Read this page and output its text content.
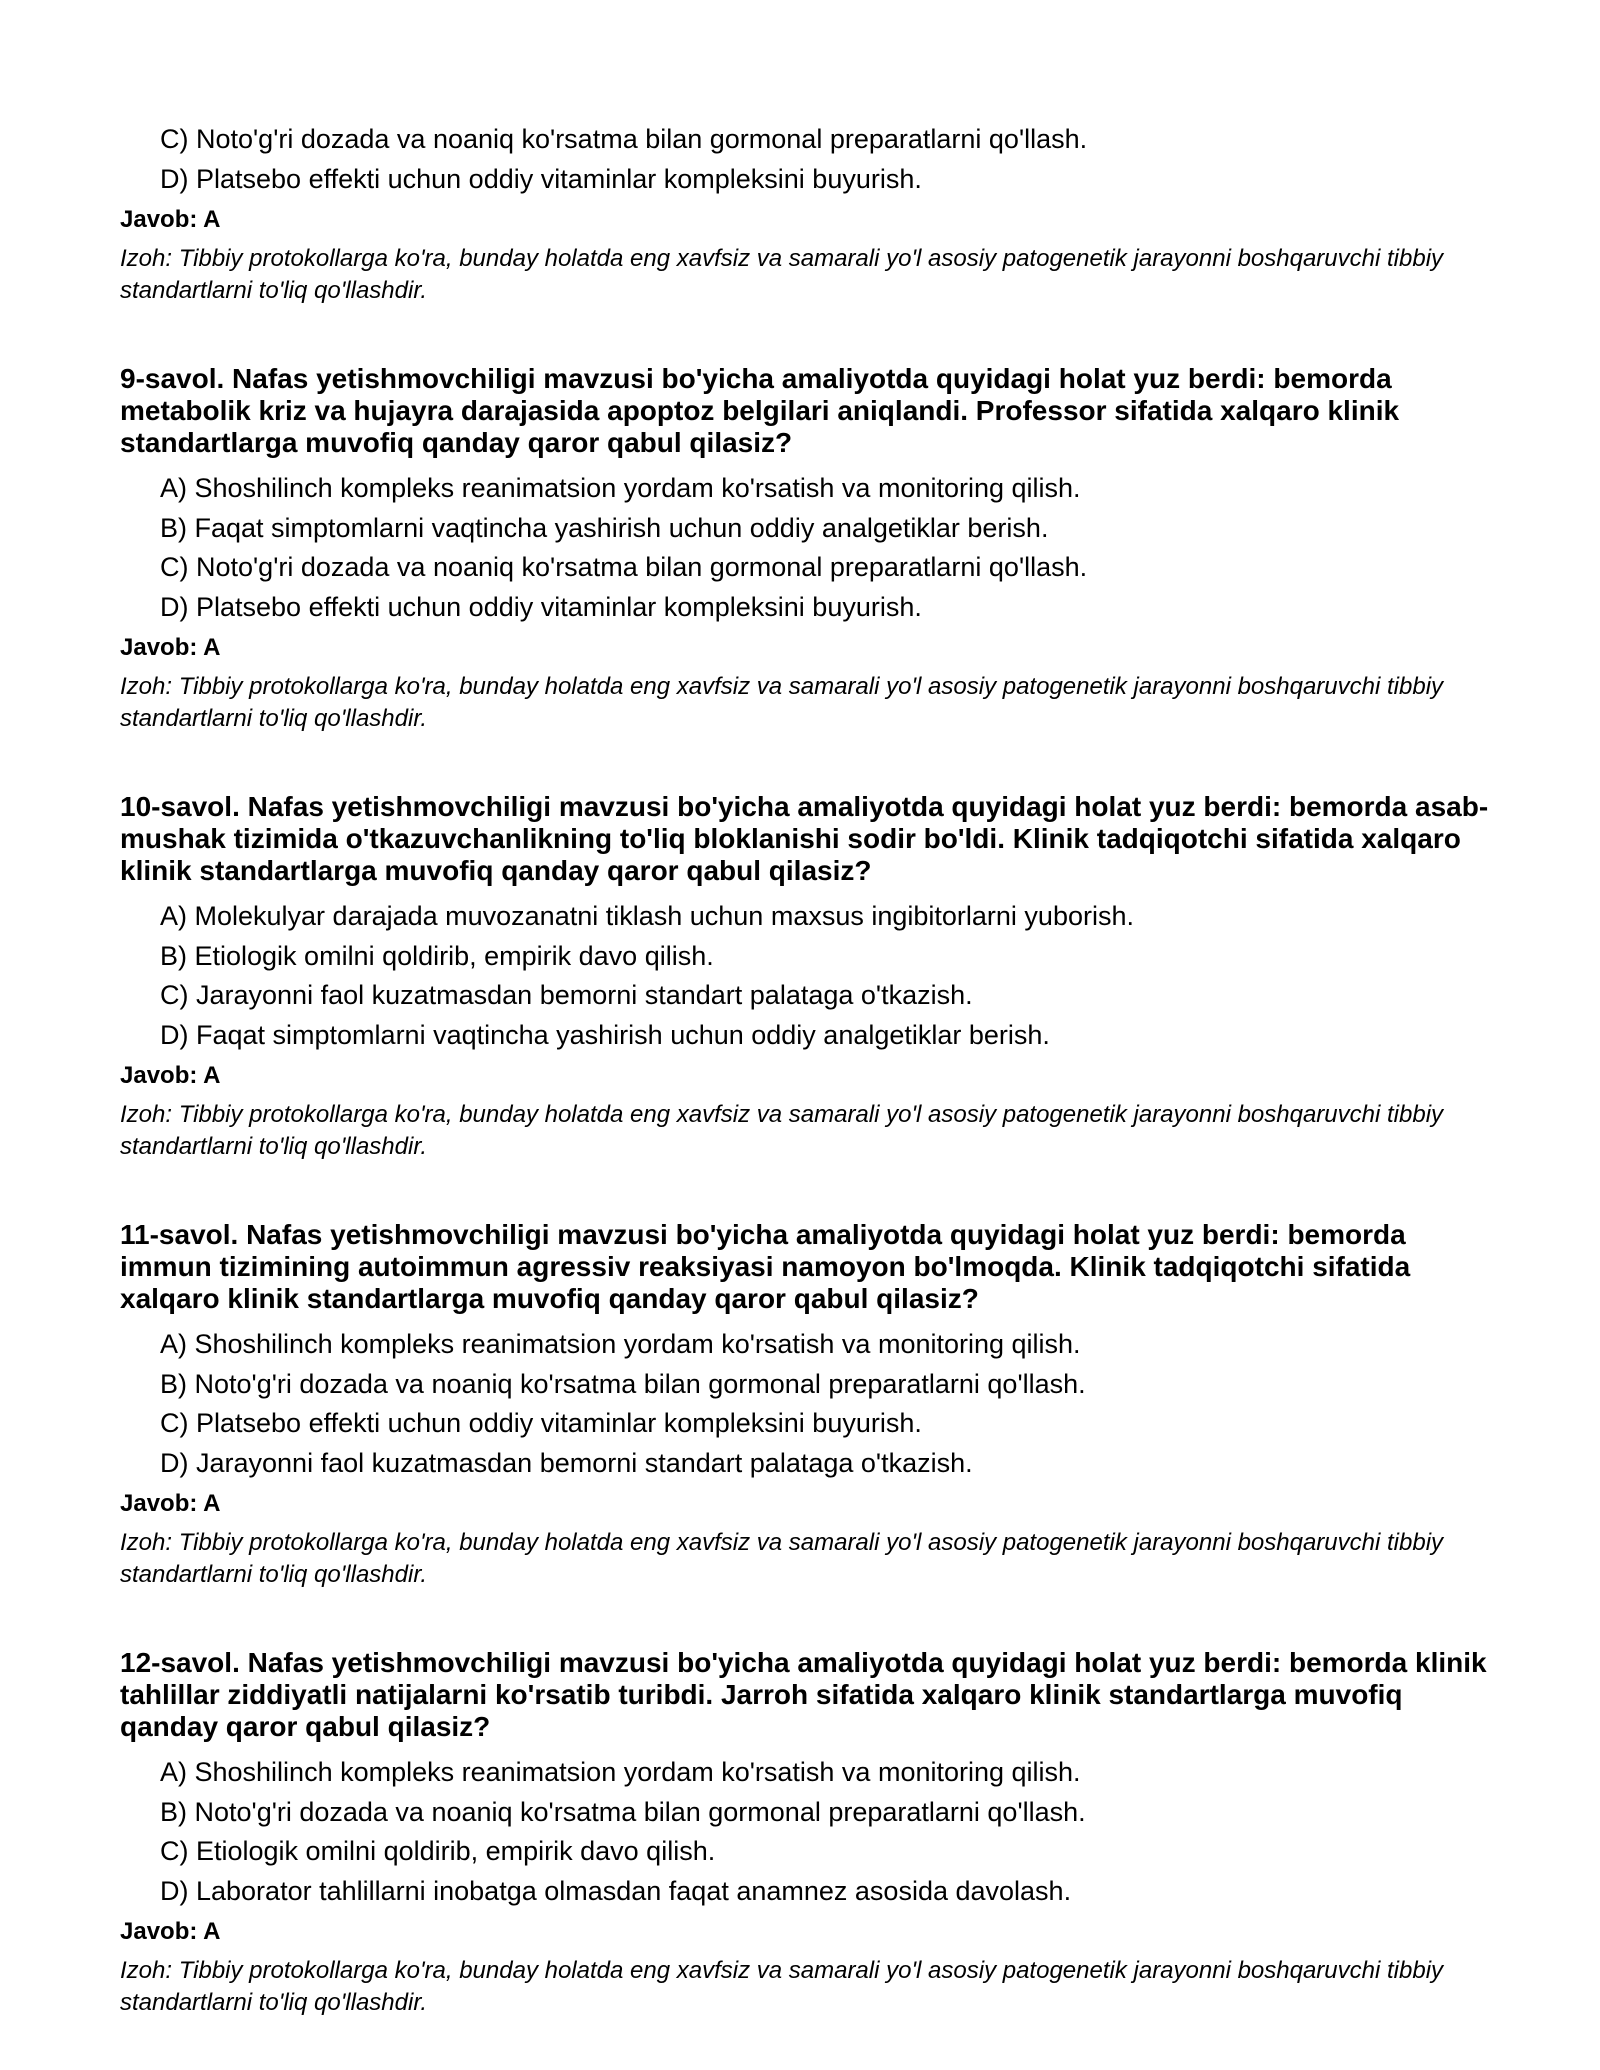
C) Noto'g'ri dozada va noaniq ko'rsatma bilan gormonal preparatlarni qo'llash.
D) Platsebo effekti uchun oddiy vitaminlar kompleksini buyurish.

Javob: A

Izoh: Tibbiy protokollarga ko'ra, bunday holatda eng xavfsiz va samarali yo'l asosiy patogenetik jarayonni boshqaruvchi tibbiy standartlarni to'liq qo'llashdir.

9-savol. Nafas yetishmovchiligi mavzusi bo'yicha amaliyotda quyidagi holat yuz berdi: bemorda metabolik kriz va hujayra darajasida apoptoz belgilari aniqlandi. Professor sifatida xalqaro klinik standartlarga muvofiq qanday qaror qabul qilasiz?

A) Shoshilinch kompleks reanimatsion yordam ko'rsatish va monitoring qilish.
B) Faqat simptomlarni vaqtincha yashirish uchun oddiy analgetiklar berish.
C) Noto'g'ri dozada va noaniq ko'rsatma bilan gormonal preparatlarni qo'llash.
D) Platsebo effekti uchun oddiy vitaminlar kompleksini buyurish.

Javob: A

Izoh: Tibbiy protokollarga ko'ra, bunday holatda eng xavfsiz va samarali yo'l asosiy patogenetik jarayonni boshqaruvchi tibbiy standartlarni to'liq qo'llashdir.

10-savol. Nafas yetishmovchiligi mavzusi bo'yicha amaliyotda quyidagi holat yuz berdi: bemorda asab-mushak tizimida o'tkazuvchanlikning to'liq bloklanishi sodir bo'ldi. Klinik tadqiqotchi sifatida xalqaro klinik standartlarga muvofiq qanday qaror qabul qilasiz?

A) Molekulyar darajada muvozanatni tiklash uchun maxsus ingibitorlarni yuborish.
B) Etiologik omilni qoldirib, empirik davo qilish.
C) Jarayonni faol kuzatmasdan bemorni standart palataga o'tkazish.
D) Faqat simptomlarni vaqtincha yashirish uchun oddiy analgetiklar berish.

Javob: A

Izoh: Tibbiy protokollarga ko'ra, bunday holatda eng xavfsiz va samarali yo'l asosiy patogenetik jarayonni boshqaruvchi tibbiy standartlarni to'liq qo'llashdir.

11-savol. Nafas yetishmovchiligi mavzusi bo'yicha amaliyotda quyidagi holat yuz berdi: bemorda immun tizimining autoimmun agressiv reaksiyasi namoyon bo'lmoqda. Klinik tadqiqotchi sifatida xalqaro klinik standartlarga muvofiq qanday qaror qabul qilasiz?

A) Shoshilinch kompleks reanimatsion yordam ko'rsatish va monitoring qilish.
B) Noto'g'ri dozada va noaniq ko'rsatma bilan gormonal preparatlarni qo'llash.
C) Platsebo effekti uchun oddiy vitaminlar kompleksini buyurish.
D) Jarayonni faol kuzatmasdan bemorni standart palataga o'tkazish.

Javob: A

Izoh: Tibbiy protokollarga ko'ra, bunday holatda eng xavfsiz va samarali yo'l asosiy patogenetik jarayonni boshqaruvchi tibbiy standartlarni to'liq qo'llashdir.

12-savol. Nafas yetishmovchiligi mavzusi bo'yicha amaliyotda quyidagi holat yuz berdi: bemorda klinik tahlillar ziddiyatli natijalarni ko'rsatib turibdi. Jarroh sifatida xalqaro klinik standartlarga muvofiq qanday qaror qabul qilasiz?

A) Shoshilinch kompleks reanimatsion yordam ko'rsatish va monitoring qilish.
B) Noto'g'ri dozada va noaniq ko'rsatma bilan gormonal preparatlarni qo'llash.
C) Etiologik omilni qoldirib, empirik davo qilish.
D) Laborator tahlillarni inobatga olmasdan faqat anamnez asosida davolash.

Javob: A

Izoh: Tibbiy protokollarga ko'ra, bunday holatda eng xavfsiz va samarali yo'l asosiy patogenetik jarayonni boshqaruvchi tibbiy standartlarni to'liq qo'llashdir.
